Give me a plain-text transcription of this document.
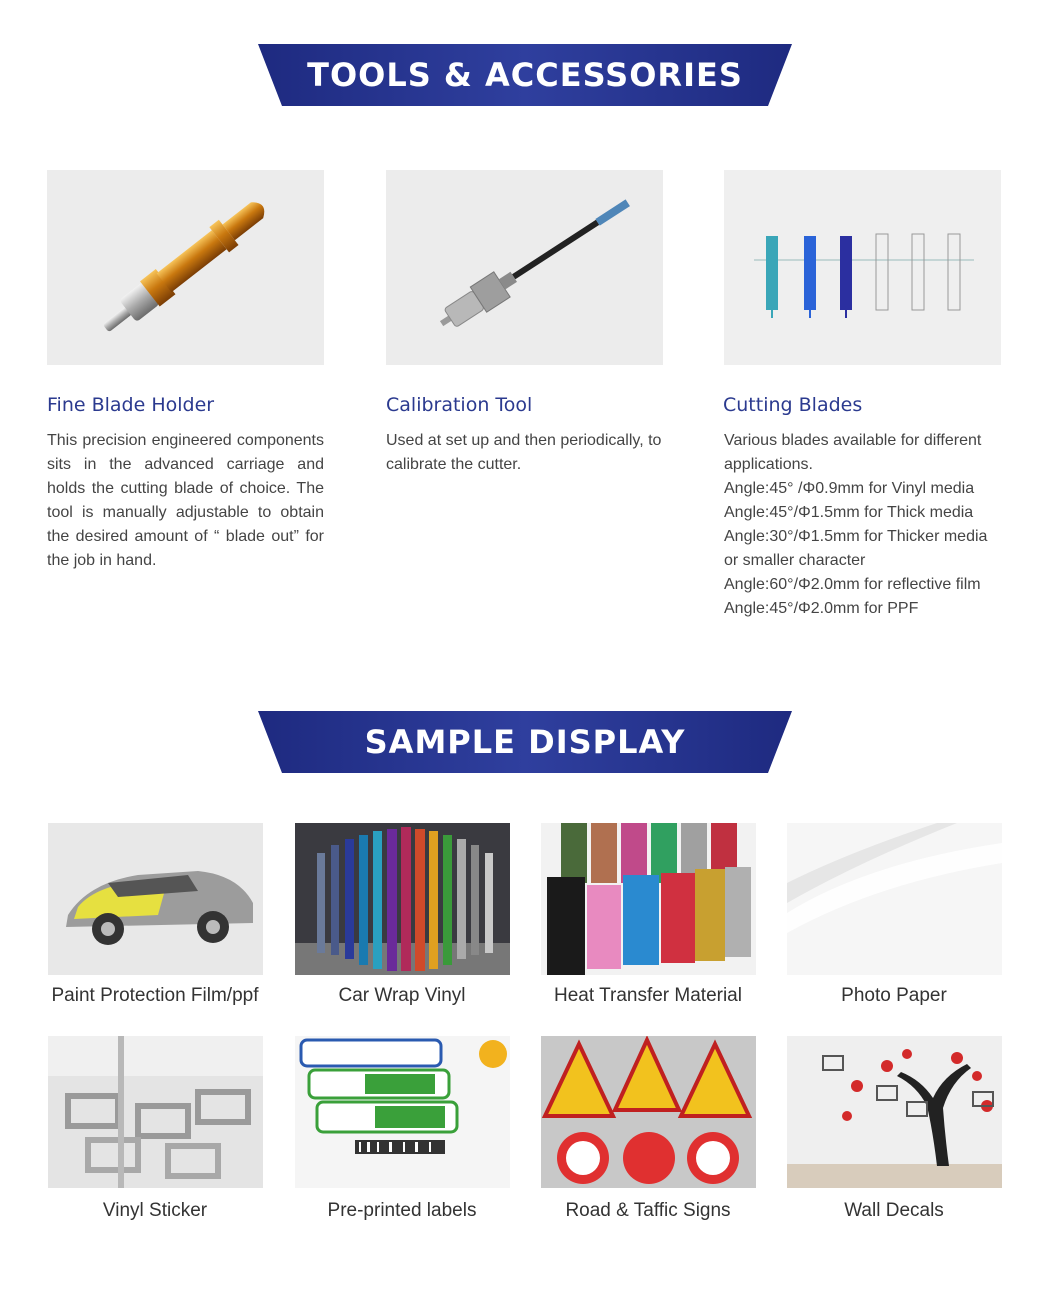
TOOLS & ACCESSORIES
Fine Blade Holder
This precision engineered components sits in the advanced carriage and holds the cutting blade of choice. The tool is manually adjustable to obtain the desired amount of “ blade out” for the job in hand.
Calibration Tool
Used at set up and then periodically, to calibrate the cutter.
Cutting Blades
Various blades available for different
applications.
Angle:45° /Φ0.9mm for Vinyl media
Angle:45°/Φ1.5mm for Thick media
Angle:30°/Φ1.5mm for Thicker media
or smaller character
Angle:60°/Φ2.0mm for reflective film
Angle:45°/Φ2.0mm for PPF
SAMPLE DISPLAY
Paint Protection Film/ppf	Car Wrap Vinyl	Heat Transfer Material	Photo Paper
Vinyl Sticker	Pre-printed labels	Road & Taffic Signs	Wall Decals
